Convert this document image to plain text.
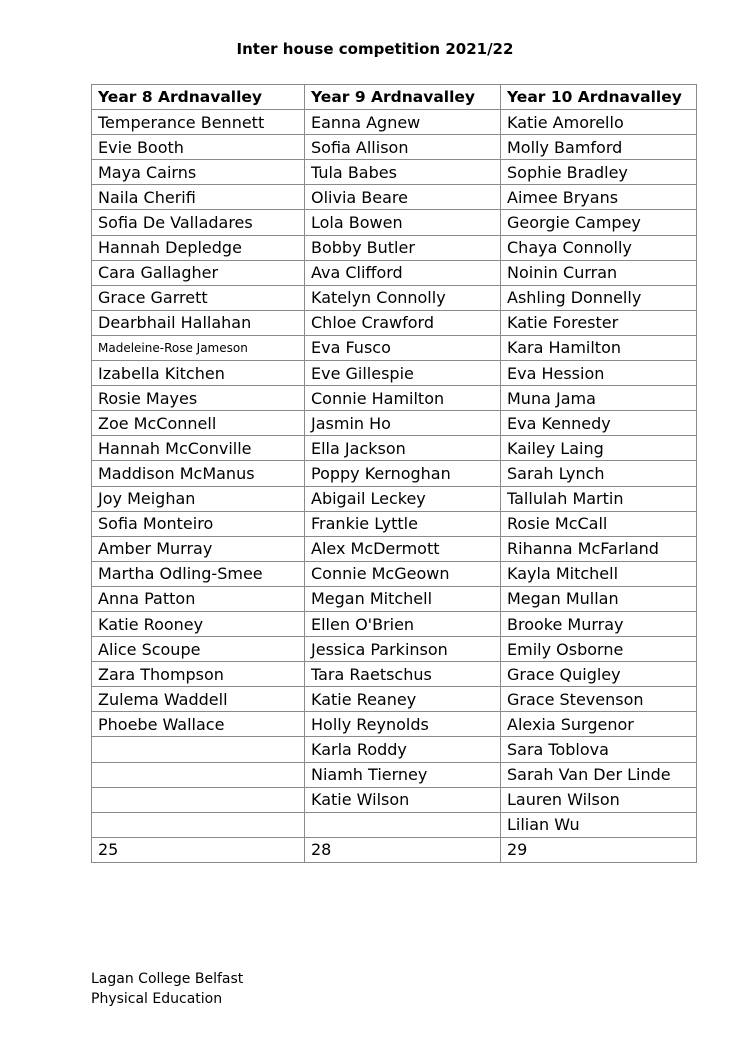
Inter house competition 2021/22
Year 8 Ardnavalley	Year 9 Ardnavalley	Year 10 Ardnavalley
Temperance Bennett	Eanna Agnew	Katie Amorello
Evie Booth	Sofia Allison	Molly Bamford
Maya Cairns	Tula Babes	Sophie Bradley
Naila Cherifi	Olivia Beare	Aimee Bryans
Sofia De Valladares	Lola Bowen	Georgie Campey
Hannah Depledge	Bobby Butler	Chaya Connolly
Cara Gallagher	Ava Clifford	Noinin Curran
Grace Garrett	Katelyn Connolly	Ashling Donnelly
Dearbhail Hallahan	Chloe Crawford	Katie Forester
Madeleine-Rose Jameson	Eva Fusco	Kara Hamilton
Izabella Kitchen	Eve Gillespie	Eva Hession
Rosie Mayes	Connie Hamilton	Muna Jama
Zoe McConnell	Jasmin Ho	Eva Kennedy
Hannah McConville	Ella Jackson	Kailey Laing
Maddison McManus	Poppy Kernoghan	Sarah Lynch
Joy Meighan	Abigail Leckey	Tallulah Martin
Sofia Monteiro	Frankie Lyttle	Rosie McCall
Amber Murray	Alex McDermott	Rihanna McFarland
Martha Odling-Smee	Connie McGeown	Kayla Mitchell
Anna Patton	Megan Mitchell	Megan Mullan
Katie Rooney	Ellen O'Brien	Brooke Murray
Alice Scoupe	Jessica Parkinson	Emily Osborne
Zara Thompson	Tara Raetschus	Grace Quigley
Zulema Waddell	Katie Reaney	Grace Stevenson
Phoebe Wallace	Holly Reynolds	Alexia Surgenor
	Karla Roddy	Sara Toblova
	Niamh Tierney	Sarah Van Der Linde
	Katie Wilson	Lauren Wilson
		Lilian Wu
25	28	29
Lagan College Belfast
Physical Education
